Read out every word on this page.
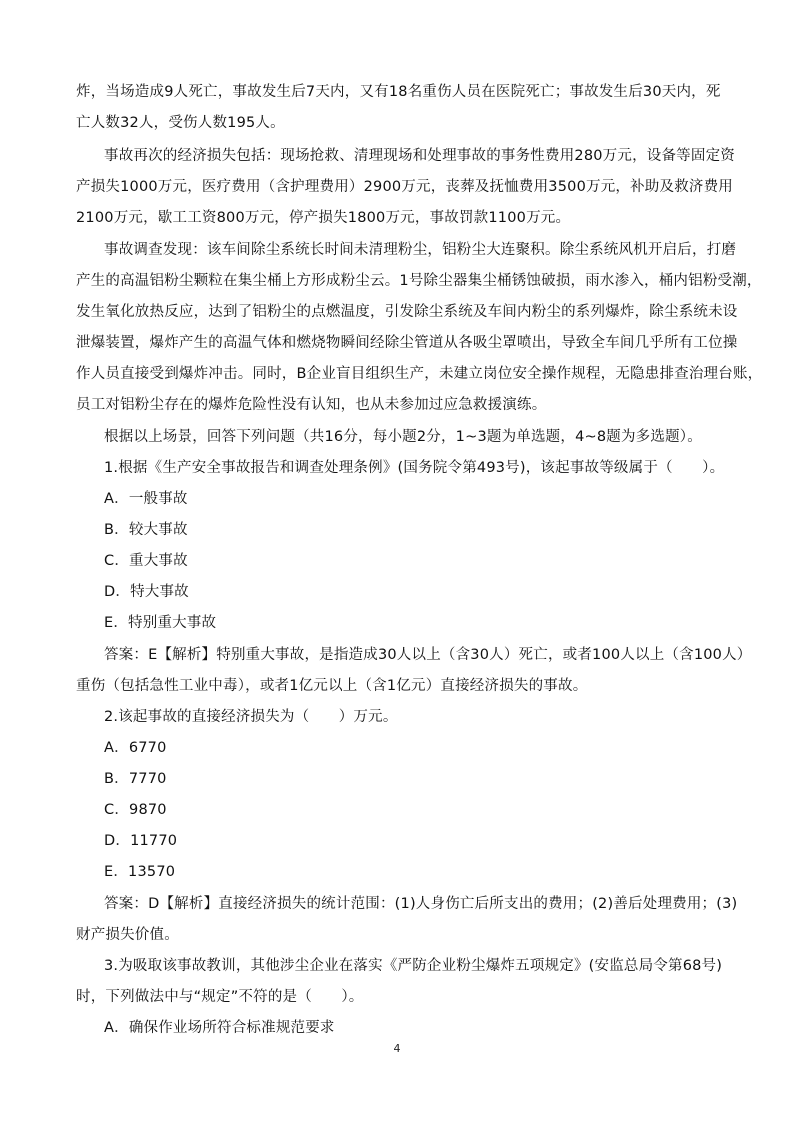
炸，当场造成9人死亡，事故发生后7天内，又有18名重伤人员在医院死亡；事故发生后30天内，死
亡人数32人，受伤人数195人。
事故再次的经济损失包括：现场抢救、清理现场和处理事故的事务性费用280万元，设备等固定资
产损失1000万元，医疗费用（含护理费用）2900万元，丧葬及抚恤费用3500万元，补助及救济费用
2100万元，歇工工资800万元，停产损失1800万元，事故罚款1100万元。
事故调查发现：该车间除尘系统长时间未清理粉尘，铝粉尘大连聚积。除尘系统风机开启后，打磨
产生的高温铝粉尘颗粒在集尘桶上方形成粉尘云。1号除尘器集尘桶锈蚀破损，雨水渗入，桶内铝粉受潮，
发生氧化放热反应，达到了铝粉尘的点燃温度，引发除尘系统及车间内粉尘的系列爆炸，除尘系统未设
泄爆装置，爆炸产生的高温气体和燃烧物瞬间经除尘管道从各吸尘罩喷出，导致全车间几乎所有工位操
作人员直接受到爆炸冲击。同时，B企业盲目组织生产，未建立岗位安全操作规程，无隐患排查治理台账，
员工对铝粉尘存在的爆炸危险性没有认知，也从未参加过应急救援演练。
根据以上场景，回答下列问题（共16分，每小题2分，1~3题为单选题，4~8题为多选题）。
1.根据《生产安全事故报告和调查处理条例》(国务院令第493号)，该起事故等级属于（　　）。
A．一般事故
B．较大事故
C．重大事故
D．特大事故
E．特别重大事故
答案：E【解析】特别重大事故，是指造成30人以上（含30人）死亡，或者100人以上（含100人）
重伤（包括急性工业中毒），或者1亿元以上（含1亿元）直接经济损失的事故。
2.该起事故的直接经济损失为（　　）万元。
A．6770
B．7770
C．9870
D．11770
E．13570
答案：D【解析】直接经济损失的统计范围：(1)人身伤亡后所支出的费用；(2)善后处理费用；(3)
财产损失价值。
3.为吸取该事故教训，其他涉尘企业在落实《严防企业粉尘爆炸五项规定》(安监总局令第68号)
时，下列做法中与“规定”不符的是（　　）。
A．确保作业场所符合标准规范要求
4
